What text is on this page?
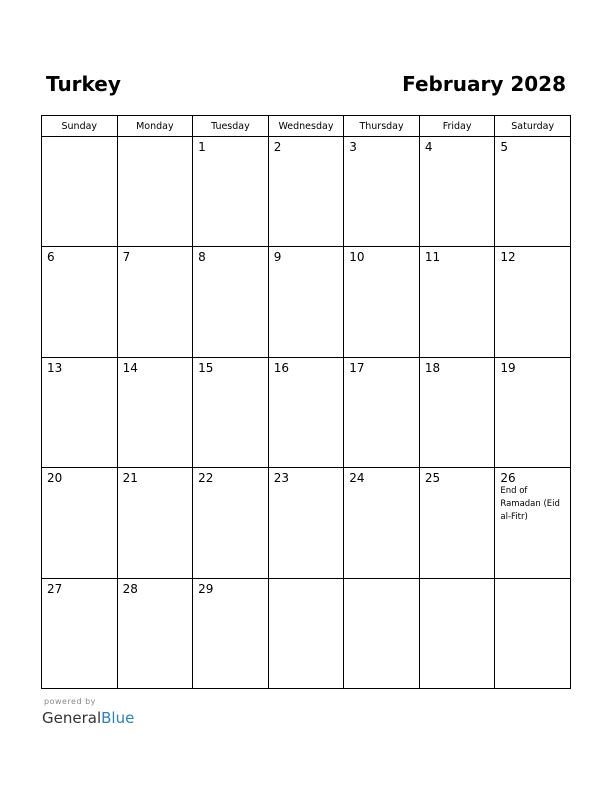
Turkey	February 2028
Sunday	Monday	Tuesday	Wednesday	Thursday	Friday	Saturday

		1	2	3	4	5

6	7	8	9	10	11	12

13	14	15	16	17	18	19

20	21	22	23	24	25	26
End of Ramadan (Eid al-Fitr)

27	28	29				

powered by
GeneralBlue
